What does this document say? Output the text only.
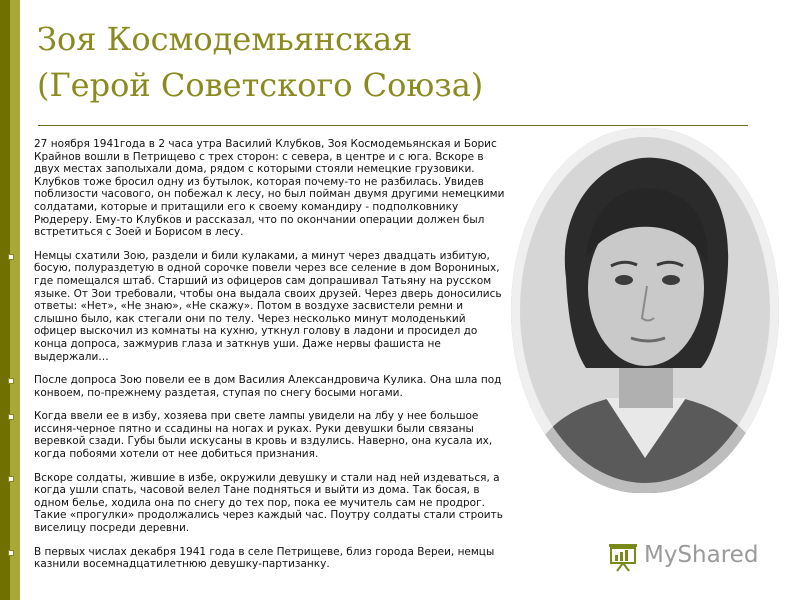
Зоя Космодемьянская
(Герой Советского Союза)
27 ноября 1941года в 2 часа утра Василий Клубков, Зоя Космодемьянская и Борис Крайнов вошли в Петрищево с трех сторон: с севера, в центре и с юга. Вскоре в двух местах заполыхали дома, рядом с которыми стояли немецкие грузовики. Клубков тоже бросил одну из бутылок, которая почему-то не разбилась. Увидев поблизости часового, он побежал к лесу, но был пойман двумя другими немецкими солдатами, которые и притащили его к своему командиру - подполковнику Рюдереру. Ему-то Клубков и рассказал, что по окончании операции должен был встретиться с Зоей и Борисом в лесу.
Немцы схатили Зою, раздели и били кулаками, а минут через двадцать избитую, босую, полураздетую в одной сорочке повели через все селение в дом Ворониных, где помещался штаб. Старший из офицеров сам допрашивал Татьяну на русском языке. От Зои требовали, чтобы она выдала своих друзей. Через дверь доносились ответы: «Нет», «Не знаю», «Не скажу». Потом в воздухе засвистели ремни и слышно было, как стегали они по телу. Через несколько минут молоденький офицер выскочил из комнаты на кухню, уткнул голову в ладони и просидел до конца допроса, зажмурив глаза и заткнув уши. Даже нервы фашиста не выдержали…
После допроса Зою повели ее в дом Василия Александровича Кулика. Она шла под конвоем, по-прежнему раздетая, ступая по снегу босыми ногами.
Когда ввели ее в избу, хозяева при свете лампы увидели на лбу у нее большое иссиня-черное пятно и ссадины на ногах и руках. Руки девушки были связаны веревкой сзади. Губы были искусаны в кровь и вздулись. Наверно, она кусала их, когда побоями хотели от нее добиться признания.
Вскоре солдаты, жившие в избе, окружили девушку и стали над ней издеваться, а когда ушли спать, часовой велел Тане подняться и выйти из дома. Так босая, в одном белье, ходила она по снегу до тех пор, пока ее мучитель сам не продрог. Такие «прогулки» продолжались через каждый час. Поутру солдаты стали строить виселицу посреди деревни.
В первых числах декабря 1941 года в селе Петрищеве, близ города Вереи, немцы казнили восемнадцатилетнюю девушку-партизанку.	MyShared
